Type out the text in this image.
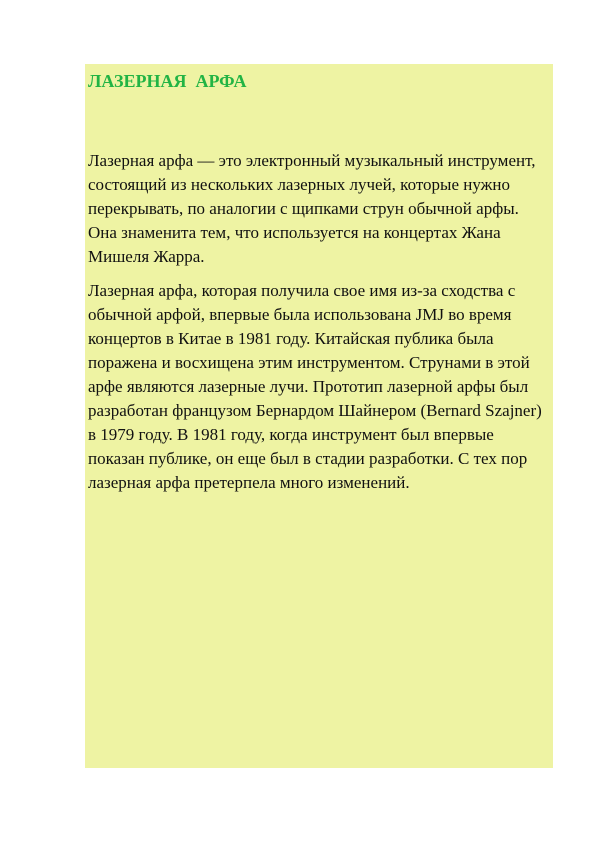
ЛАЗЕРНАЯ  АРФА

Лазерная арфа — это электронный музыкальный инструмент, состоящий из нескольких лазерных лучей, которые нужно перекрывать, по аналогии с щипками струн обычной арфы. Она знаменита тем, что используется на концертах Жана Мишеля Жарра.

Лазерная арфа, которая получила свое имя из-за сходства с обычной арфой, впервые была использована JMJ во время концертов в Китае в 1981 году. Китайская публика была поражена и восхищена этим инструментом. Струнами в этой арфе являются лазерные лучи. Прототип лазерной арфы был разработан французом Бернардом Шайнером (Bernard Szajner) в 1979 году. В 1981 году, когда инструмент был впервые показан публике, он еще был в стадии разработки. С тех пор лазерная арфа претерпела много изменений.
